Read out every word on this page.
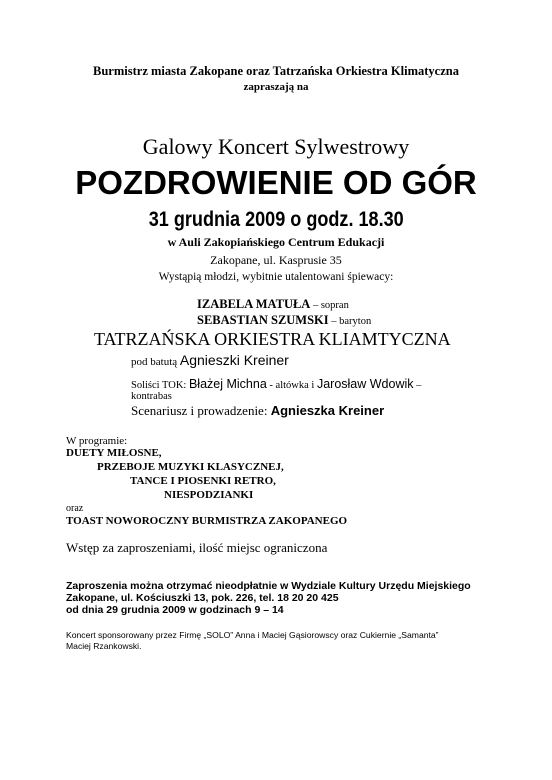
Burmistrz miasta Zakopane oraz Tatrzańska Orkiestra Klimatyczna
zapraszają na
Galowy Koncert Sylwestrowy
POZDROWIENIE OD GÓR
31 grudnia 2009 o godz. 18.30
w Auli Zakopiańskiego Centrum Edukacji
Zakopane, ul. Kasprusie 35
Wystąpią młodzi, wybitnie utalentowani śpiewacy:
IZABELA MATUŁA – sopran
SEBASTIAN SZUMSKI – baryton
TATRZAŃSKA ORKIESTRA KLIAMTYCZNA
pod batutą Agnieszki Kreiner
Soliści TOK: Błażej Michna - altówka i Jarosław Wdowik –
kontrabas
Scenariusz i prowadzenie: Agnieszka Kreiner
W programie:
DUETY MIŁOSNE,
PRZEBOJE MUZYKI KLASYCZNEJ,
TANCE I PIOSENKI RETRO,
NIESPODZIANKI
oraz
TOAST NOWOROCZNY BURMISTRZA ZAKOPANEGO
Wstęp za zaproszeniami, ilość miejsc ograniczona
Zaproszenia można otrzymać nieodpłatnie w Wydziale Kultury Urzędu Miejskiego
Zakopane, ul. Kościuszki 13, pok. 226, tel. 18 20 20 425
od dnia 29 grudnia 2009 w godzinach 9 – 14
Koncert sponsorowany przez Firmę „SOLO” Anna i Maciej Gąsiorowscy oraz Cukiernie „Samanta”
Maciej Rzankowski.
